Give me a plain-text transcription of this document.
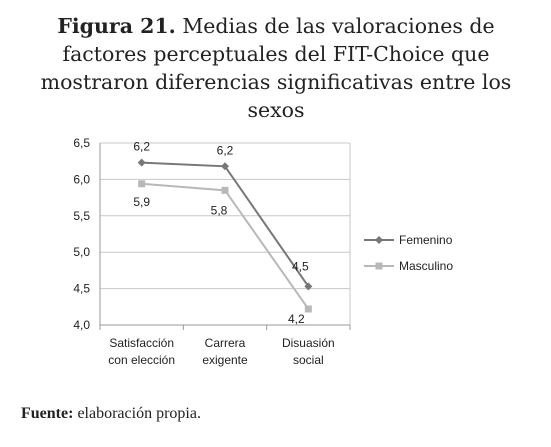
Figura 21. Medias de las valoraciones de factores perceptuales del FIT-Choice que mostraron diferencias significativas entre los sexos
4,0
4,5
5,0
5,5
6,0
6,5
Satisfacción
con elección
Carrera
exigente
Disuasión
social
6,2	6,2
4,5
5,9
5,8
4,2
Femenino
Masculino
Fuente: elaboración propia.
